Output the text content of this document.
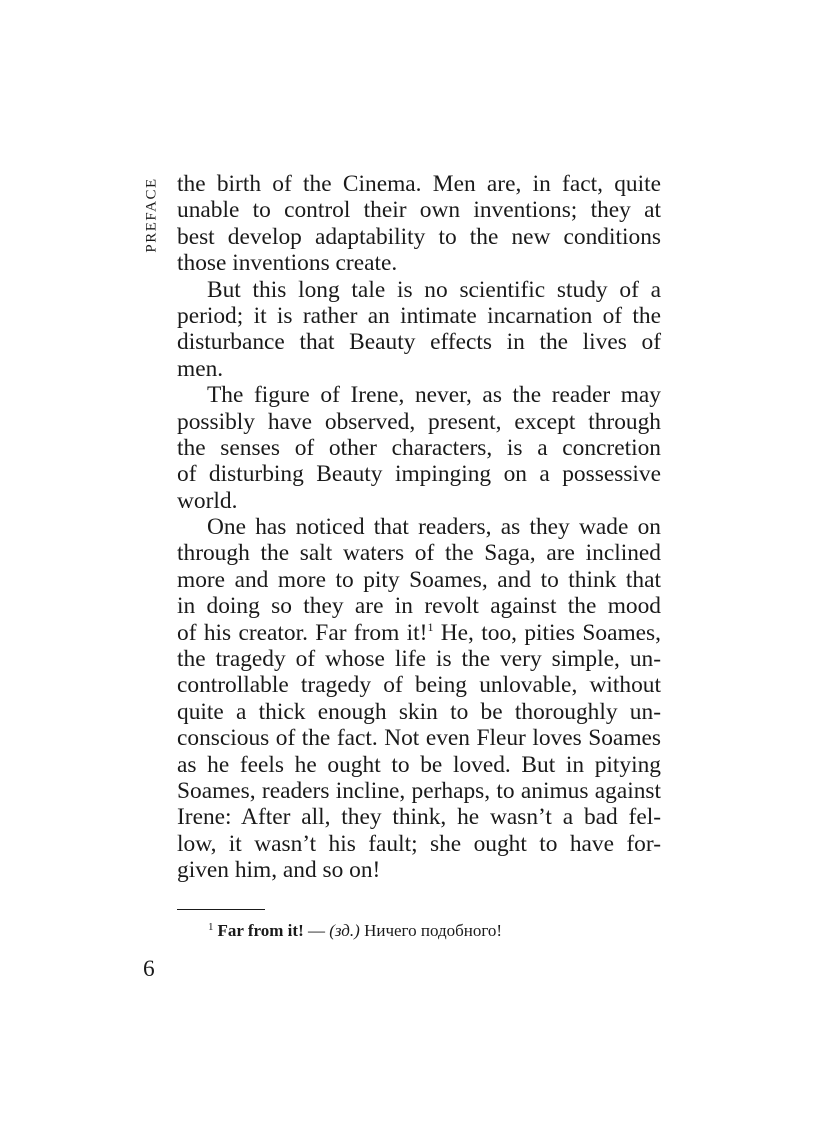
PREFACE the birth of the Cinema. Men are, in fact, quite
unable to control their own inventions; they at
best develop adaptability to the new conditions
those inventions create.
But this long tale is no scientific study of a
period; it is rather an intimate incarnation of the
disturbance that Beauty effects in the lives of
men.
The figure of Irene, never, as the reader may
possibly have observed, present, except through
the senses of other characters, is a concretion
of disturbing Beauty impinging on a possessive
world.
One has noticed that readers, as they wade on
through the salt waters of the Saga, are inclined
more and more to pity Soames, and to think that
in doing so they are in revolt against the mood
of his creator. Far from it!$^1$ He, too, pities Soames,
the tragedy of whose life is the very simple, un-
controllable tragedy of being unlovable, without
quite a thick enough skin to be thoroughly un-
conscious of the fact. Not even Fleur loves Soames
as he feels he ought to be loved. But in pitying
Soames, readers incline, perhaps, to animus against
Irene: After all, they think, he wasn’t a bad fel-
low, it wasn’t his fault; she ought to have for-
given him, and so on!
$^1$ Far from it! — (зд.) Ничего подобного!
6
